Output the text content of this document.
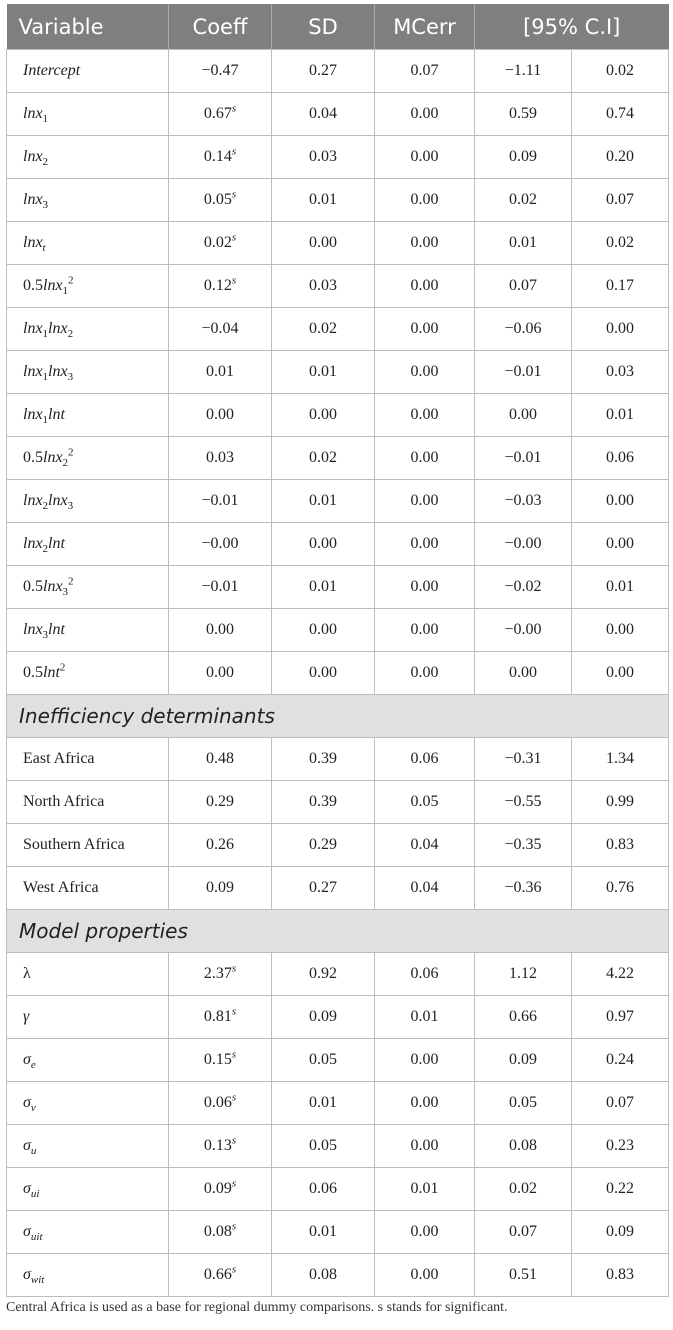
Variable	Coeff	SD	MCerr	[95% C.I]	
Intercept	−0.47	0.27	0.07	−1.11	0.02
lnx$_1$	0.67$^s$	0.04	0.00	0.59	0.74
lnx$_2$	0.14$^s$	0.03	0.00	0.09	0.20
lnx$_3$	0.05$^s$	0.01	0.00	0.02	0.07
lnx$_t$	0.02$^s$	0.00	0.00	0.01	0.02
0.5lnx$_1^2$	0.12$^s$	0.03	0.00	0.07	0.17
lnx$_1$lnx$_2$	−0.04	0.02	0.00	−0.06	0.00
lnx$_1$lnx$_3$	0.01	0.01	0.00	−0.01	0.03
lnx$_1$lnt	0.00	0.00	0.00	0.00	0.01
0.5lnx$_2^2$	0.03	0.02	0.00	−0.01	0.06
lnx$_2$lnx$_3$	−0.01	0.01	0.00	−0.03	0.00
lnx$_2$lnt	−0.00	0.00	0.00	−0.00	0.00
0.5lnx$_3^2$	−0.01	0.01	0.00	−0.02	0.01
lnx$_3$lnt	0.00	0.00	0.00	−0.00	0.00
0.5lnt$^2$	0.00	0.00	0.00	0.00	0.00
Inefficiency determinants					
East Africa	0.48	0.39	0.06	−0.31	1.34
North Africa	0.29	0.39	0.05	−0.55	0.99
Southern Africa	0.26	0.29	0.04	−0.35	0.83
West Africa	0.09	0.27	0.04	−0.36	0.76
Model properties					
λ	2.37$^s$	0.92	0.06	1.12	4.22
γ	0.81$^s$	0.09	0.01	0.66	0.97
$\sigma_e$	0.15$^s$	0.05	0.00	0.09	0.24
$\sigma_v$	0.06$^s$	0.01	0.00	0.05	0.07
$\sigma_u$	0.13$^s$	0.05	0.00	0.08	0.23
$\sigma_{ui}$	0.09$^s$	0.06	0.01	0.02	0.22
$\sigma_{uit}$	0.08$^s$	0.01	0.00	0.07	0.09
$\sigma_{wit}$	0.66$^s$	0.08	0.00	0.51	0.83
Central Africa is used as a base for regional dummy comparisons. s stands for significant.
